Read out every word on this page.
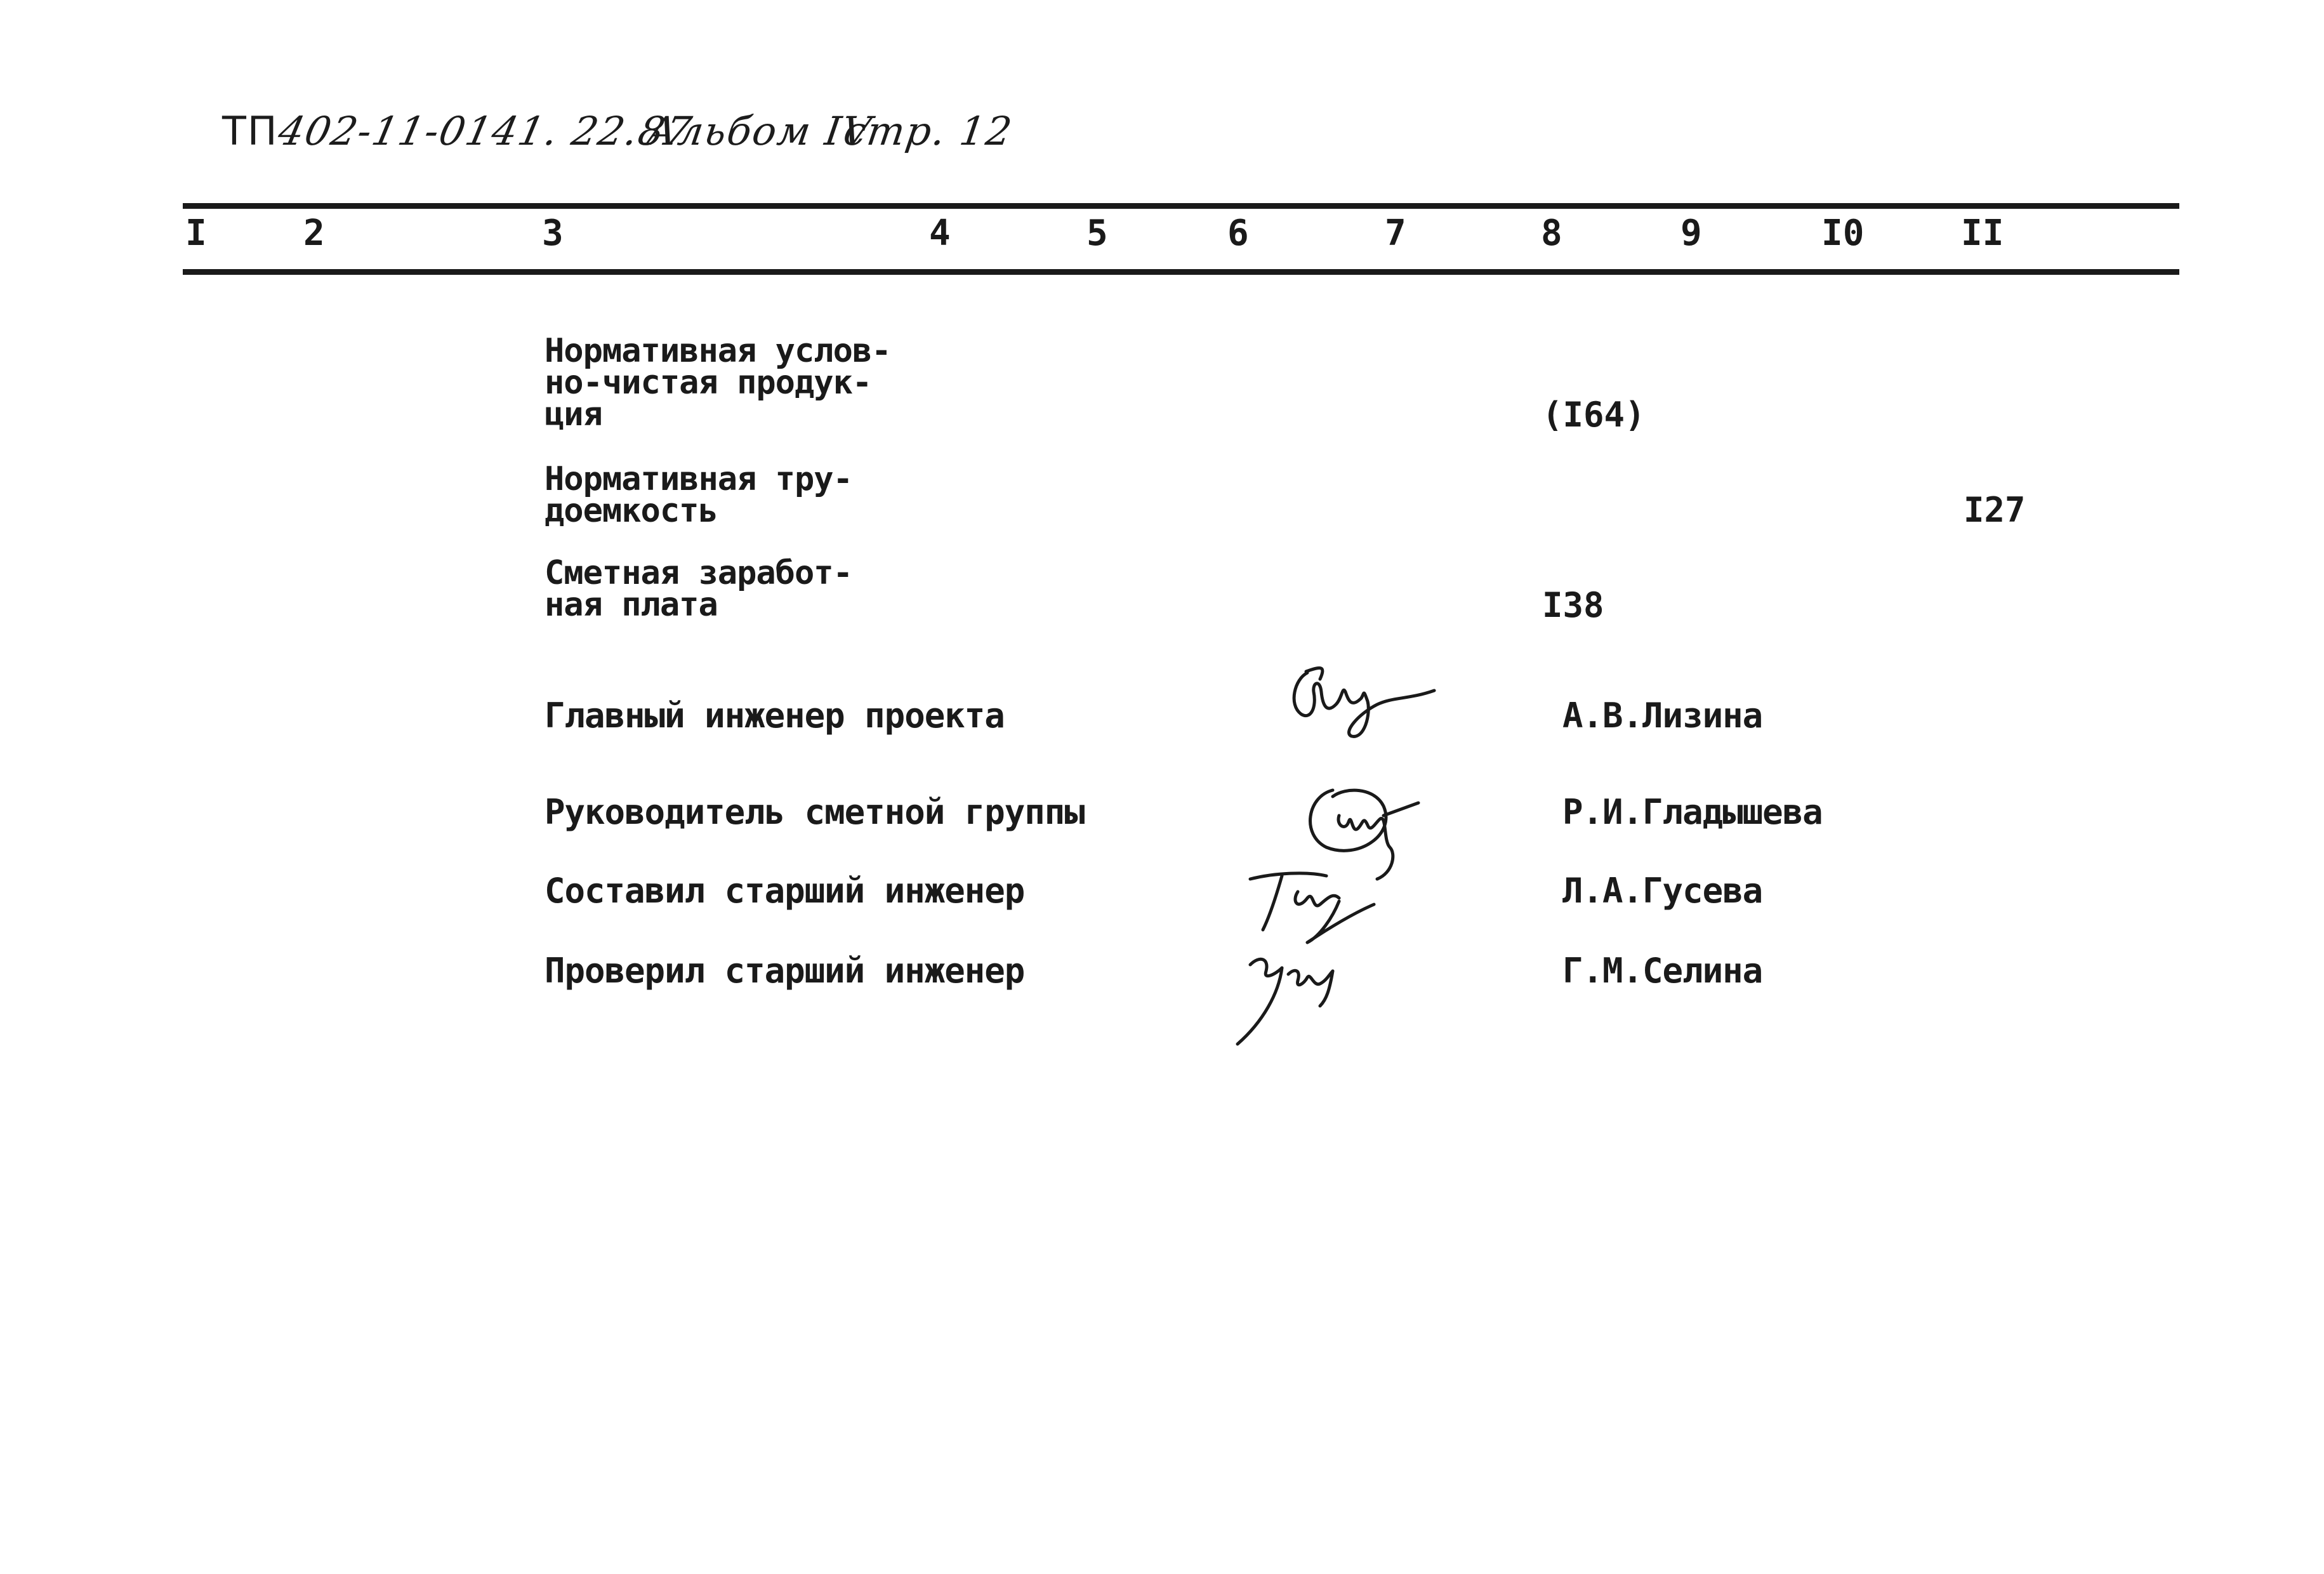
ТП
402-11-0141. 22.87
Альбом IV
стр. 12
I	2	3	4	5	6	7	8	9	I0	II
Нормативная услов-
но-чистая продук-
ция	(I64)
Нормативная тру-
доемкость	I27
Сметная заработ-
ная плата	I38
Главный инженер проекта	А.В.Лизина
Руководитель сметной группы	Р.И.Гладышева
Составил старший инженер	Л.А.Гусева
Проверил старший инженер	Г.М.Селина
